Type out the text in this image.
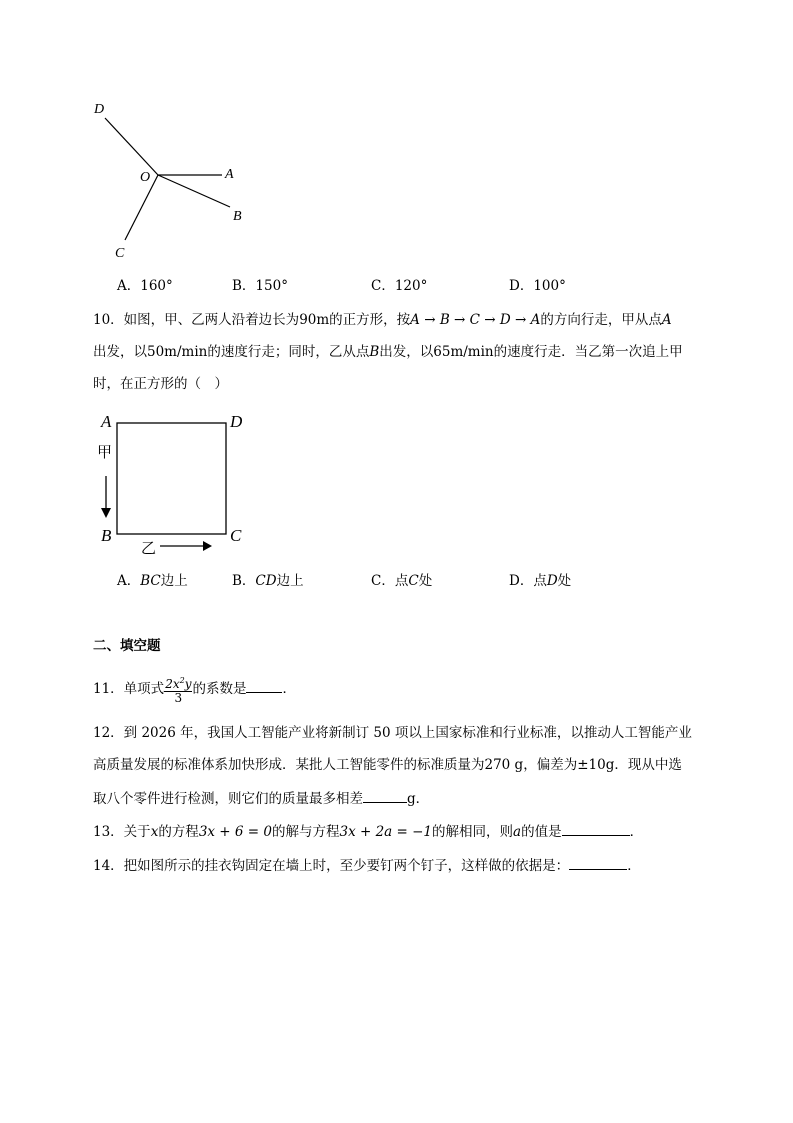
D
O	A
B
C
A．160°	B．150°	C．120°	D．100°
10．如图，甲、乙两人沿着边长为90m的正方形，按A → B → C → D → A的方向行走，甲从点A
出发，以50m/min的速度行走；同时，乙从点B出发，以65m/min的速度行走．当乙第一次追上甲
时，在正方形的（　）
A	D
B	C
甲
乙
A．BC边上	B．CD边上	C．点C处	D．点D处
二、填空题
11．单项式 $\frac{2x^2y}{3}$ 的系数是	．
12．到 2026 年，我国人工智能产业将新制订 50 项以上国家标准和行业标准，以推动人工智能产业
高质量发展的标准体系加快形成．某批人工智能零件的标准质量为270 g，偏差为±10g．现从中选
取八个零件进行检测，则它们的质量最多相差	g．
13．关于x的方程3x + 6 = 0的解与方程3x + 2a = −1的解相同，则a的值是	．
14．把如图所示的挂衣钩固定在墙上时，至少要钉两个钉子，这样做的依据是：	．
